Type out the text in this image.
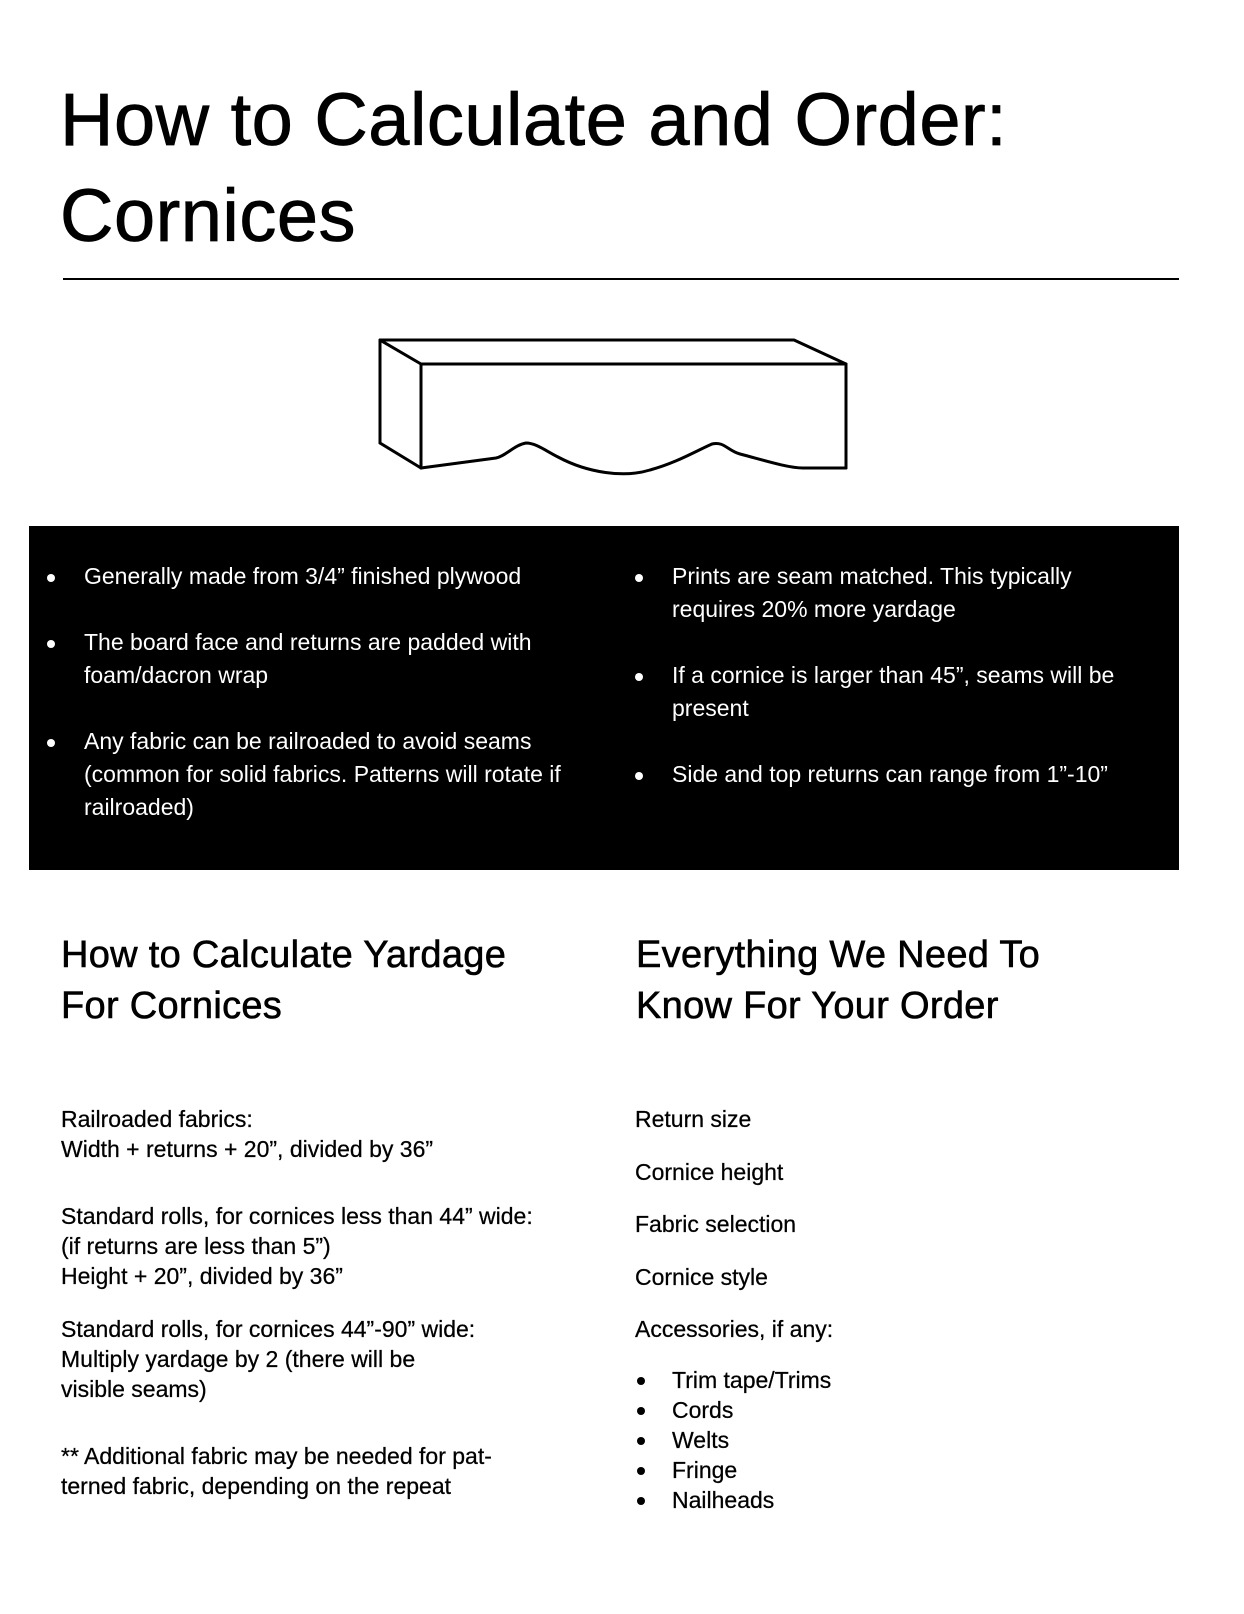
How to Calculate and Order:
Cornices
Generally made from 3/4” finished plywood
The board face and returns are padded with foam/dacron wrap
Any fabric can be railroaded to avoid seams (common for solid fabrics. Patterns will rotate if railroaded)
Prints are seam matched. This typically requires 20% more yardage
If a cornice is larger than 45”, seams will be present
Side and top returns can range from 1”-10”
How to Calculate Yardage
For Cornices
Everything We Need To
Know For Your Order
Railroaded fabrics:
Width + returns + 20”, divided by 36”
Standard rolls, for cornices less than 44” wide:
(if returns are less than 5”)
Height + 20”, divided by 36”
Standard rolls, for cornices 44”-90” wide:
Multiply yardage by 2 (there will be
visible seams)
** Additional fabric may be needed for pat-
terned fabric, depending on the repeat
Return size
Cornice height
Fabric selection
Cornice style
Accessories, if any:
Trim tape/Trims
Cords
Welts
Fringe
Nailheads
